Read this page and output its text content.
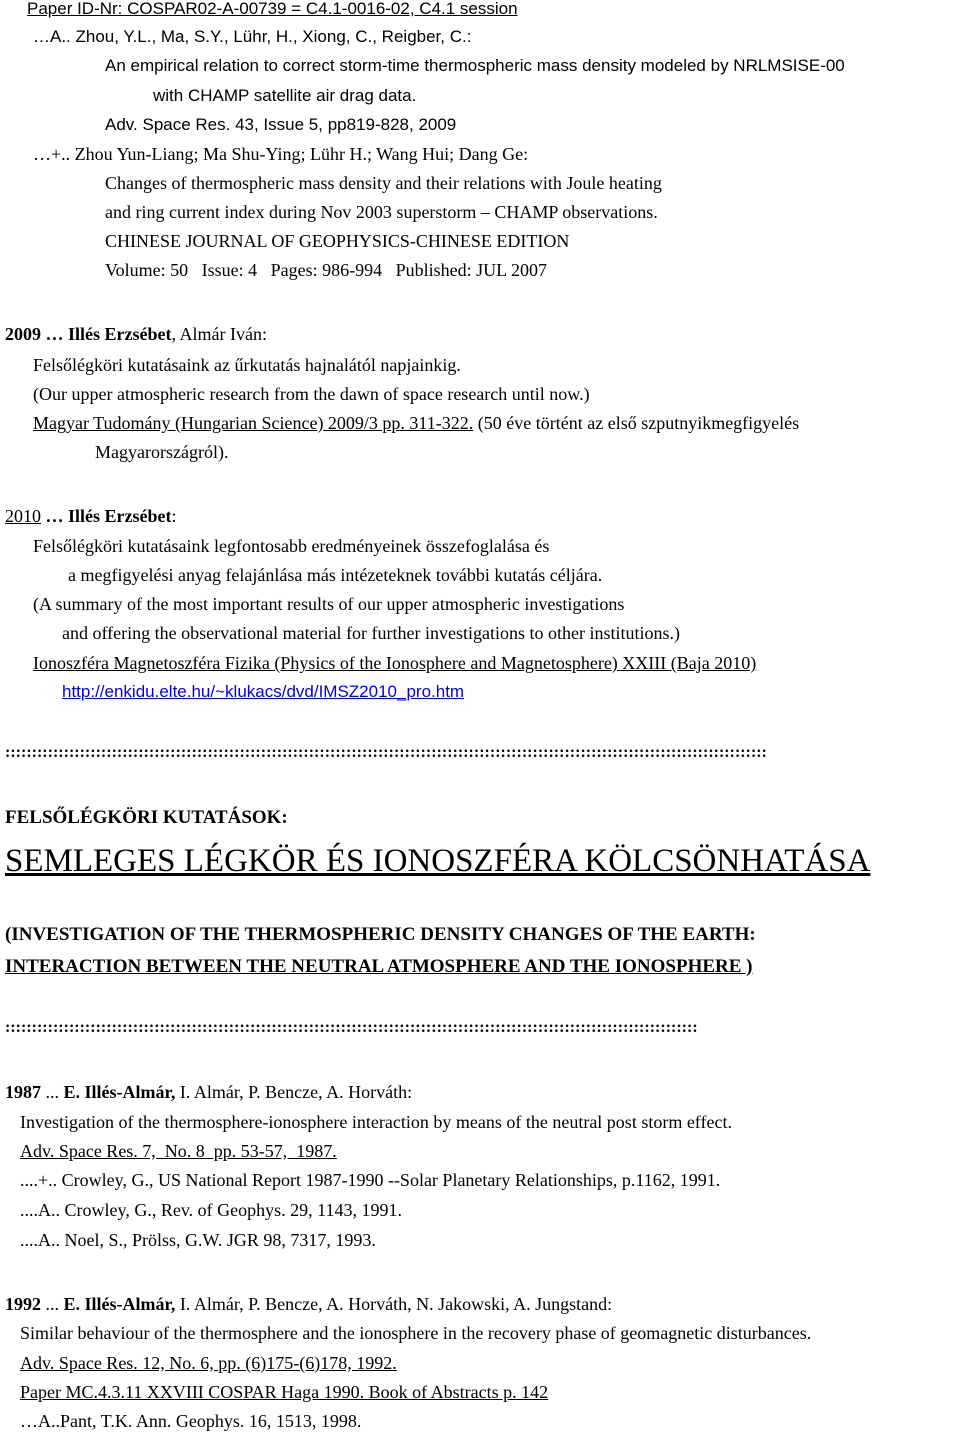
Paper ID-Nr: COSPAR02-A-00739 = C4.1-0016-02, C4.1 session
…A.. Zhou, Y.L., Ma, S.Y., Lühr, H., Xiong, C., Reigber, C.:
An empirical relation to correct storm-time thermospheric mass density modeled by NRLMSISE-00
with CHAMP satellite air drag data.
Adv. Space Res. 43, Issue 5, pp819-828, 2009
…+.. Zhou Yun-Liang; Ma Shu-Ying; Lühr H.; Wang Hui; Dang Ge:
Changes of thermospheric mass density and their relations with Joule heating
and ring current index during Nov 2003 superstorm – CHAMP observations.
CHINESE JOURNAL OF GEOPHYSICS-CHINESE EDITION
Volume: 50   Issue: 4   Pages: 986-994   Published: JUL 2007
2009 … Illés Erzsébet, Almár Iván:
Felsőlégköri kutatásaink az űrkutatás hajnalától napjainkig.
(Our upper atmospheric research from the dawn of space research until now.)
Magyar Tudomány (Hungarian Science) 2009/3 pp. 311-322. (50 éve történt az első szputnyikmegfigyelés
Magyarországról).
2010 … Illés Erzsébet:
Felsőlégköri kutatásaink legfontosabb eredményeinek összefoglalása és
a megfigyelési anyag felajánlása más intézeteknek további kutatás céljára.
(A summary of the most important results of our upper atmospheric investigations
and offering the observational material for further investigations to other institutions.)
Ionoszféra Magnetoszféra Fizika (Physics of the Ionosphere and Magnetosphere) XXIII (Baja 2010)
http://enkidu.elte.hu/~klukacs/dvd/IMSZ2010_pro.htm
:::::::::::::::::::::::::::::::::::::::::::::::::::::::::::::::::::::::::::::::::::::::::::::::::::::::::::::::::::::::::::::::::::::::::::::::
FELSŐLÉGKÖRI KUTATÁSOK:
SEMLEGES LÉGKÖR ÉS IONOSZFÉRA KÖLCSÖNHATÁSA
(INVESTIGATION OF THE THERMOSPHERIC DENSITY CHANGES OF THE EARTH:
INTERACTION BETWEEN THE NEUTRAL ATMOSPHERE AND THE IONOSPHERE )
::::::::::::::::::::::::::::::::::::::::::::::::::::::::::::::::::::::::::::::::::::::::::::::::::::::::::::::::::::::::::::::::::
1987 ... E. Illés-Almár, I. Almár, P. Bencze, A. Horváth:
Investigation of the thermosphere-ionosphere interaction by means of the neutral post storm effect.
Adv. Space Res. 7,  No. 8  pp. 53-57,  1987.
....+.. Crowley, G., US National Report 1987-1990 --Solar Planetary Relationships, p.1162, 1991.
....A.. Crowley, G., Rev. of Geophys. 29, 1143, 1991.
....A.. Noel, S., Prölss, G.W. JGR 98, 7317, 1993.
1992 ... E. Illés-Almár, I. Almár, P. Bencze, A. Horváth, N. Jakowski, A. Jungstand:
Similar behaviour of the thermosphere and the ionosphere in the recovery phase of geomagnetic disturbances.
Adv. Space Res. 12, No. 6, pp. (6)175-(6)178, 1992.
Paper MC.4.3.11 XXVIII COSPAR Haga 1990. Book of Abstracts p. 142
…A..Pant, T.K. Ann. Geophys. 16, 1513, 1998.
